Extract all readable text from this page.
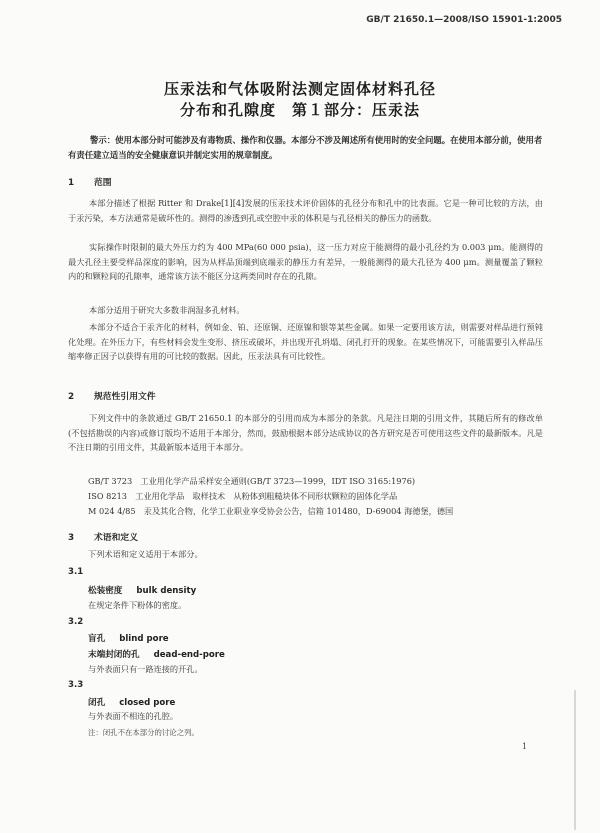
GB/T 21650.1—2008/ISO 15901-1:2005
压汞法和气体吸附法测定固体材料孔径
分布和孔隙度　第１部分：压汞法
警示：使用本部分时可能涉及有毒物质、操作和仪器。本部分不涉及阐述所有使用时的安全问题。在使用本部分前，使用者有责任建立适当的安全健康意识并制定实用的规章制度。
1 范围
本部分描述了根据 Ritter 和 Drake[1][4]发展的压汞技术评价固体的孔径分布和孔中的比表面。它是一种可比较的方法，由于汞污染，本方法通常是破坏性的。测得的渗透到孔或空腔中汞的体积是与孔径相关的静压力的函数。
实际操作时限制的最大外压力约为 400 MPa(60 000 psia)，这一压力对应于能测得的最小孔径约为 0.003 μm。能测得的最大孔径主要受样品深度的影响，因为从样品顶端到底端汞的静压力有差异，一般能测得的最大孔径为 400 μm。测量覆盖了颗粒内的和颗粒间的孔隙率，通常该方法不能区分这两类同时存在的孔隙。
本部分适用于研究大多数非润湿多孔材料。
本部分不适合于汞齐化的材料，例如金、铂、还原铜、还原镍和银等某些金属。如果一定要用该方法，则需要对样品进行预钝化处理。在外压力下，有些材料会发生变形、挤压或破坏，并出现开孔坍塌、闭孔打开的现象。在某些情况下，可能需要引入样品压缩率修正因子以获得有用的可比较的数据。因此，压汞法具有可比较性。
2 规范性引用文件
下列文件中的条款通过 GB/T 21650.1 的本部分的引用而成为本部分的条款。凡是注日期的引用文件，其随后所有的修改单(不包括勘误的内容)或修订版均不适用于本部分，然而，鼓励根据本部分达成协议的各方研究是否可使用这些文件的最新版本。凡是不注日期的引用文件，其最新版本适用于本部分。
GB/T 3723　工业用化学产品采样安全通则(GB/T 3723—1999，IDT ISO 3165:1976)
ISO 8213　工业用化学品　取样技术　从粉体到粗糙块体不同形状颗粒的固体化学品
M 024 4/85　汞及其化合物，化学工业职业享受协会公告，信箱 101480，D-69004 海德堡，德国
3 术语和定义
下列术语和定义适用于本部分。
3.1
松装密度 bulk density
在规定条件下粉体的密度。
3.2
盲孔 blind pore
末端封闭的孔 dead-end-pore
与外表面只有一路连接的开孔。
3.3
闭孔 closed pore
与外表面不相连的孔腔。
注：闭孔不在本部分的讨论之列。
1
